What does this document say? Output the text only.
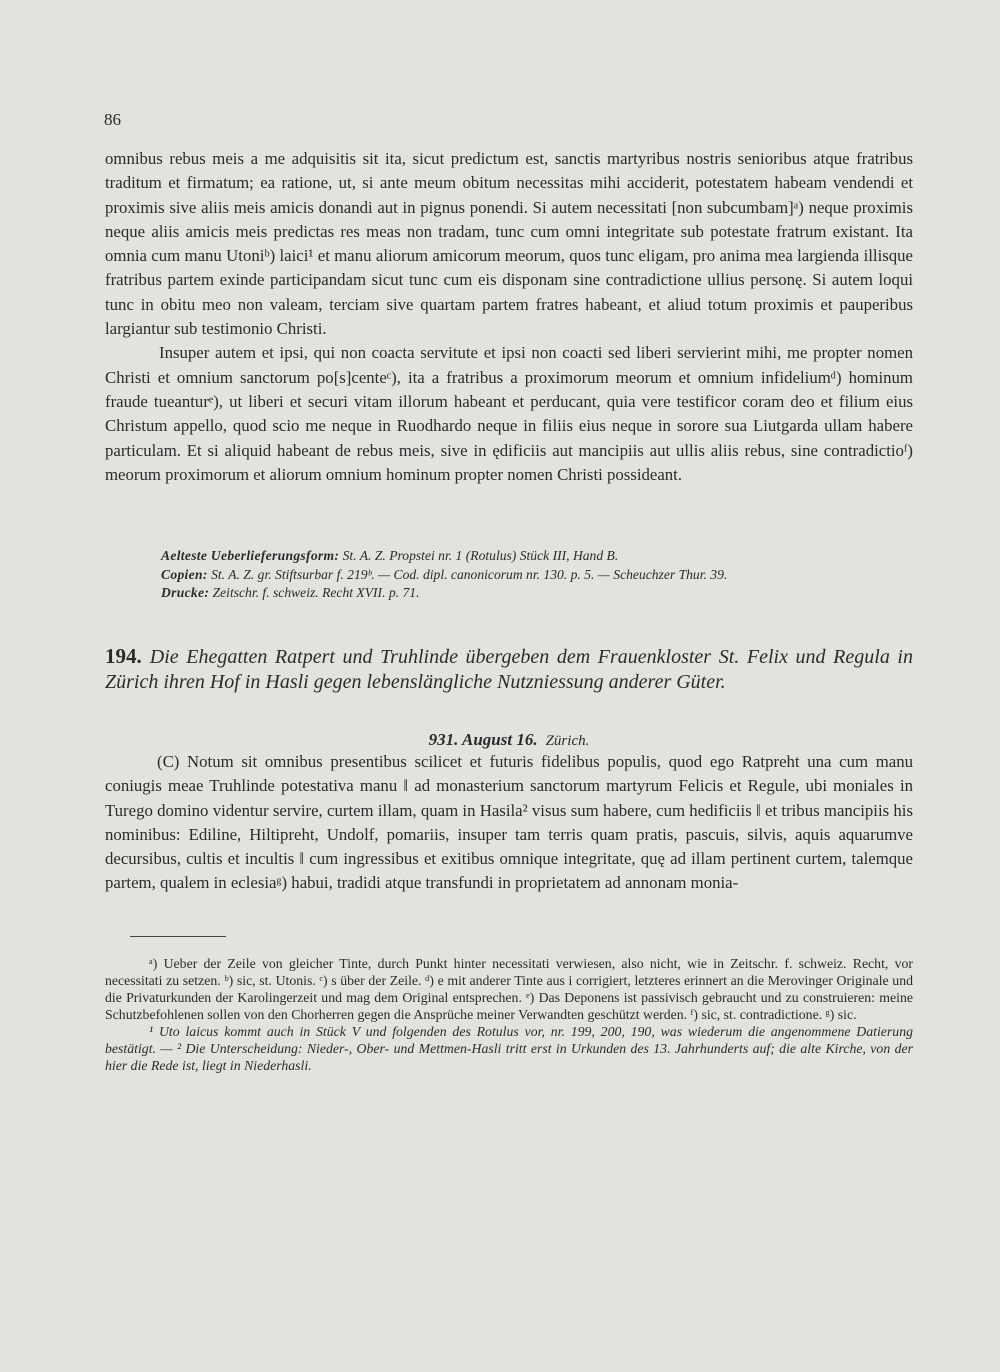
86

omnibus rebus meis a me adquisitis sit ita, sicut predictum est, sanctis martyribus nostris senioribus atque fratribus traditum et firmatum; ea ratione, ut, si ante meum obitum necessitas mihi acciderit, potestatem habeam vendendi et proximis sive aliis meis amicis donandi aut in pignus ponendi. Si autem necessitati [non subcumbam]ᵃ) neque proximis neque aliis amicis meis predictas res meas non tradam, tunc cum omni integritate sub potestate fratrum existant. Ita omnia cum manu Utoniᵇ) laici¹ et manu aliorum amicorum meorum, quos tunc eligam, pro anima mea largienda illisque fratribus partem exinde participandam sicut tunc cum eis disponam sine contradictione ullius personę. Si autem loqui tunc in obitu meo non valeam, terciam sive quartam partem fratres habeant, et aliud totum proximis et pauperibus largiantur sub testimonio Christi.

Insuper autem et ipsi, qui non coacta servitute et ipsi non coacti sed liberi servierint mihi, me propter nomen Christi et omnium sanctorum po[s]centeᶜ), ita a fratribus a proximorum meorum et omnium infideliumᵈ) hominum fraude tueanturᵉ), ut liberi et securi vitam illorum habeant et perducant, quia vere testificor coram deo et filium eius Christum appello, quod scio me neque in Ruodhardo neque in filiis eius neque in sorore sua Liutgarda ullam habere particulam. Et si aliquid habeant de rebus meis, sive in ędificiis aut mancipiis aut ullis aliis rebus, sine contradictioᶠ) meorum proximorum et aliorum omnium hominum propter nomen Christi possideant.

Aelteste Ueberlieferungsform: St. A. Z. Propstei nr. 1 (Rotulus) Stück III, Hand B.

Copien: St. A. Z. gr. Stiftsurbar f. 219ᵇ. — Cod. dipl. canonicorum nr. 130. p. 5. — Scheuchzer Thur. 39.

Drucke: Zeitschr. f. schweiz. Recht XVII. p. 71.

194. Die Ehegatten Ratpert und Truhlinde übergeben dem Frauenkloster St. Felix und Regula in Zürich ihren Hof in Hasli gegen lebenslängliche Nutzniessung anderer Güter.
931. August 16. Zürich.

(C) Notum sit omnibus presentibus scilicet et futuris fidelibus populis, quod ego Ratpreht una cum manu coniugis meae Truhlinde potestativa manu ‖ ad monasterium sanctorum martyrum Felicis et Regule, ubi moniales in Turego domino videntur servire, curtem illam, quam in Hasila² visus sum habere, cum hedificiis ‖ et tribus mancipiis his nominibus: Ediline, Hiltipreht, Undolf, pomariis, insuper tam terris quam pratis, pascuis, silvis, aquis aquarumve decursibus, cultis et incultis ‖ cum ingressibus et exitibus omnique integritate, quę ad illam pertinent curtem, talemque partem, qualem in eclesiaᵍ) habui, tradidi atque transfundi in proprietatem ad annonam monia-

ᵃ) Ueber der Zeile von gleicher Tinte, durch Punkt hinter necessitati verwiesen, also nicht, wie in Zeitschr. f. schweiz. Recht, vor necessitati zu setzen. ᵇ) sic, st. Utonis. ᶜ) s über der Zeile. ᵈ) e mit anderer Tinte aus i corrigiert, letzteres erinnert an die Merovinger Originale und die Privaturkunden der Karolingerzeit und mag dem Original entsprechen. ᵉ) Das Deponens ist passivisch gebraucht und zu construieren: meine Schutzbefohlenen sollen von den Chorherren gegen die Ansprüche meiner Verwandten geschützt werden. ᶠ) sic, st. contradictione. ᵍ) sic.

¹ Uto laicus kommt auch in Stück V und folgenden des Rotulus vor, nr. 199, 200, 190, was wiederum die angenommene Datierung bestätigt. — ² Die Unterscheidung: Nieder-, Ober- und Mettmen-Hasli tritt erst in Urkunden des 13. Jahrhunderts auf; die alte Kirche, von der hier die Rede ist, liegt in Niederhasli.
